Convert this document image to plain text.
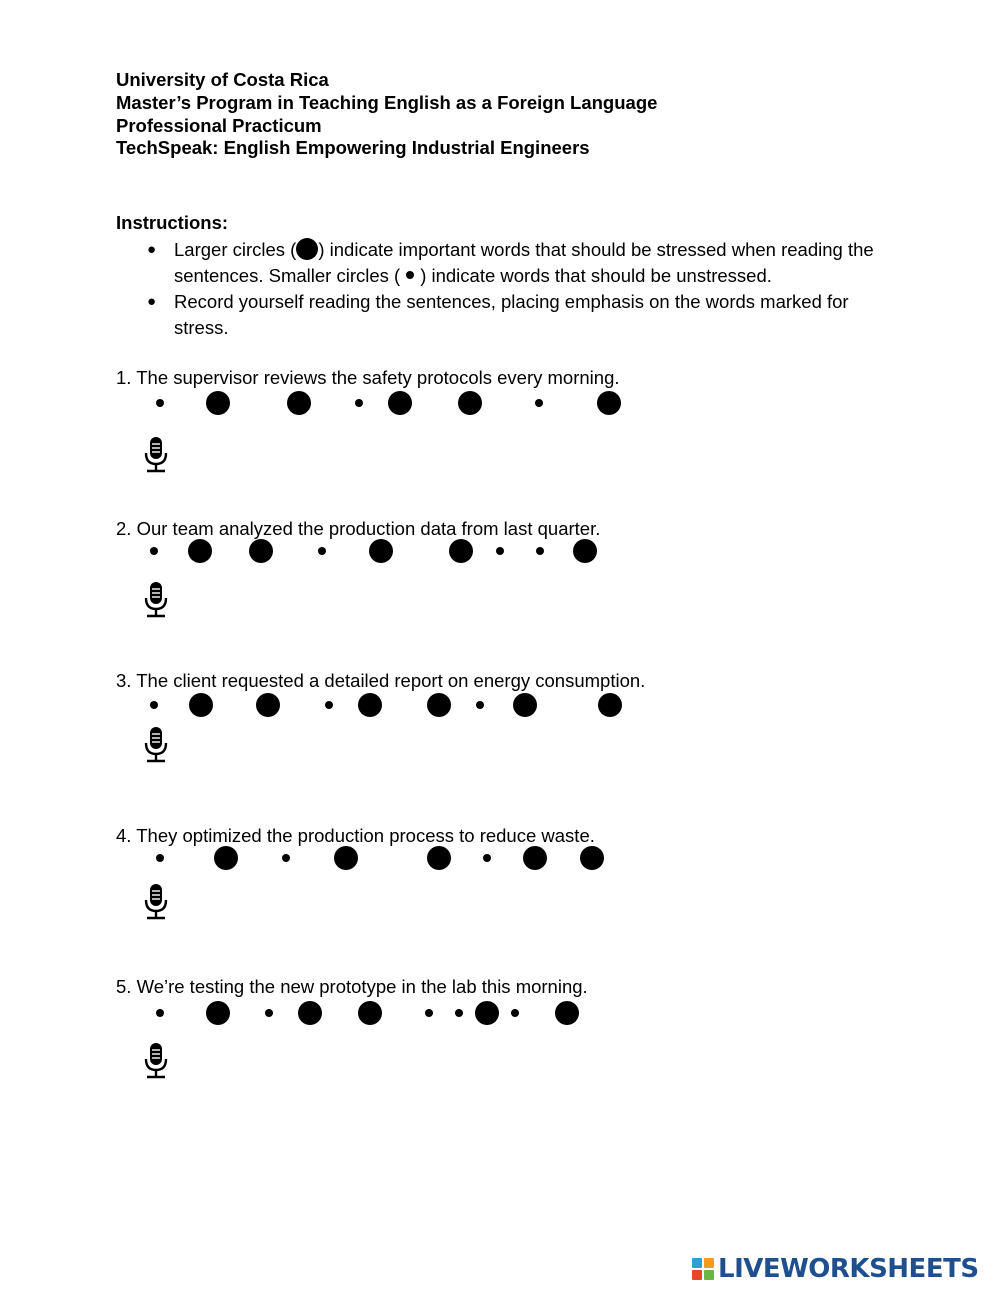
University of Costa Rica
Master’s Program in Teaching English as a Foreign Language
Professional Practicum
TechSpeak: English Empowering Industrial Engineers
Instructions:
● Larger circles ( ) indicate important words that should be stressed when reading the sentences. Smaller circles ( ) indicate words that should be unstressed.
● Record yourself reading the sentences, placing emphasis on the words marked for stress.
1. The supervisor reviews the safety protocols every morning.
2. Our team analyzed the production data from last quarter.
3. The client requested a detailed report on energy consumption.
4. They optimized the production process to reduce waste.
5. We’re testing the new prototype in the lab this morning.
LIVEWORKSHEETS
